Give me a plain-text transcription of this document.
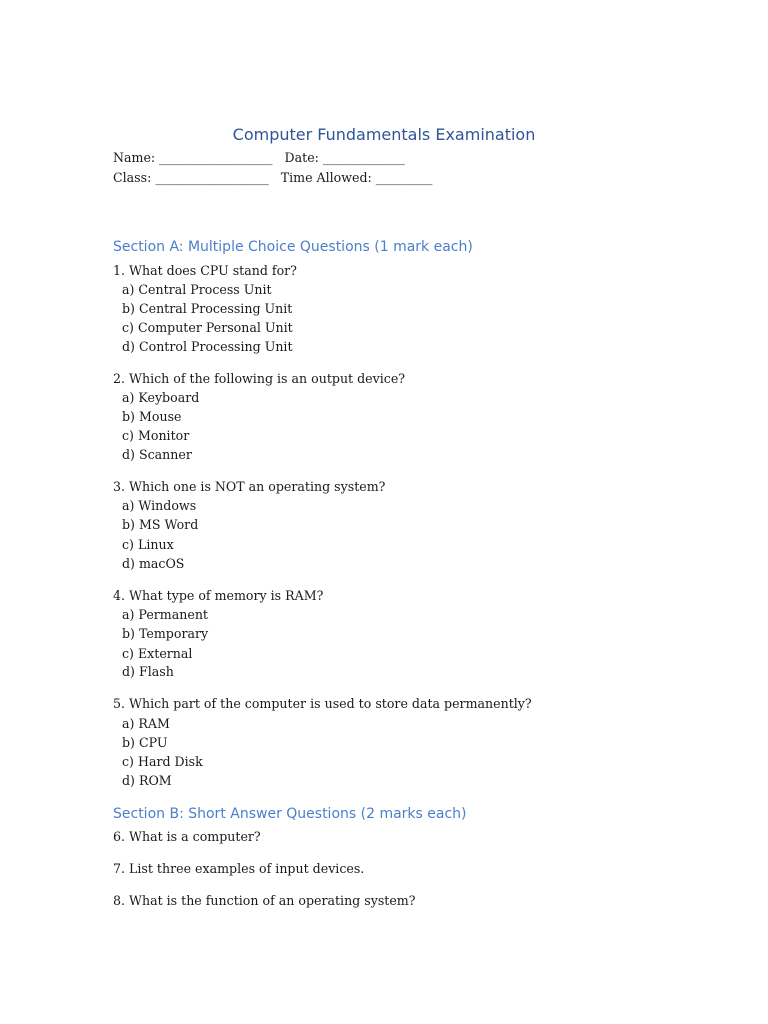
Computer Fundamentals Examination
Name: __________________   Date: _____________
Class: __________________   Time Allowed: _________
Section A: Multiple Choice Questions (1 mark each)
1. What does CPU stand for?
a) Central Process Unit
b) Central Processing Unit
c) Computer Personal Unit
d) Control Processing Unit
2. Which of the following is an output device?
a) Keyboard
b) Mouse
c) Monitor
d) Scanner
3. Which one is NOT an operating system?
a) Windows
b) MS Word
c) Linux
d) macOS
4. What type of memory is RAM?
a) Permanent
b) Temporary
c) External
d) Flash
5. Which part of the computer is used to store data permanently?
a) RAM
b) CPU
c) Hard Disk
d) ROM
Section B: Short Answer Questions (2 marks each)
6. What is a computer?
7. List three examples of input devices.
8. What is the function of an operating system?
